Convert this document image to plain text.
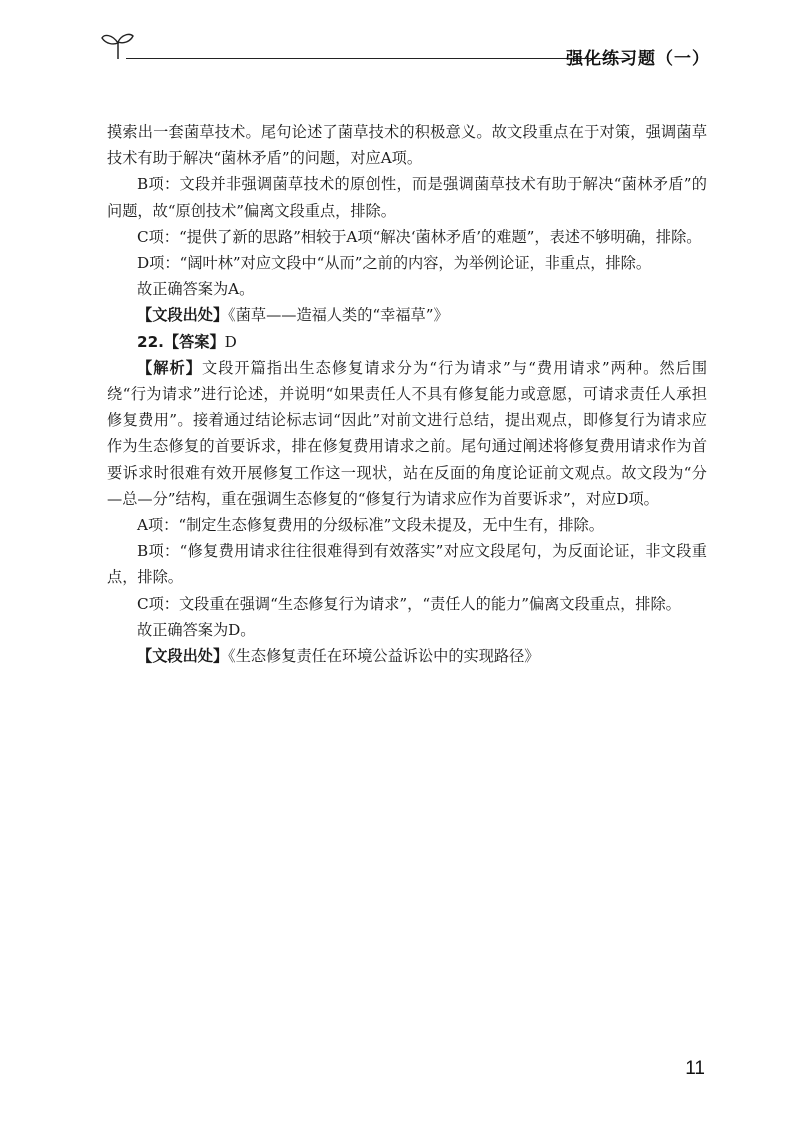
强化练习题（一）

摸索出一套菌草技术。尾句论述了菌草技术的积极意义。故文段重点在于对策，强调菌草技术有助于解决“菌林矛盾”的问题，对应A项。

B项：文段并非强调菌草技术的原创性，而是强调菌草技术有助于解决“菌林矛盾”的问题，故“原创技术”偏离文段重点，排除。

C项：“提供了新的思路”相较于A项“解决‘菌林矛盾’的难题”，表述不够明确，排除。

D项：“阔叶林”对应文段中“从而”之前的内容，为举例论证，非重点，排除。

故正确答案为A。

【文段出处】《菌草——造福人类的“幸福草”》

22.【答案】D

【解析】文段开篇指出生态修复请求分为“行为请求”与“费用请求”两种。然后围绕“行为请求”进行论述，并说明“如果责任人不具有修复能力或意愿，可请求责任人承担修复费用”。接着通过结论标志词“因此”对前文进行总结，提出观点，即修复行为请求应作为生态修复的首要诉求，排在修复费用请求之前。尾句通过阐述将修复费用请求作为首要诉求时很难有效开展修复工作这一现状，站在反面的角度论证前文观点。故文段为“分—总—分”结构，重在强调生态修复的“修复行为请求应作为首要诉求”，对应D项。

A项：“制定生态修复费用的分级标准”文段未提及，无中生有，排除。

B项：“修复费用请求往往很难得到有效落实”对应文段尾句，为反面论证，非文段重点，排除。

C项：文段重在强调“生态修复行为请求”，“责任人的能力”偏离文段重点，排除。

故正确答案为D。

【文段出处】《生态修复责任在环境公益诉讼中的实现路径》

11
